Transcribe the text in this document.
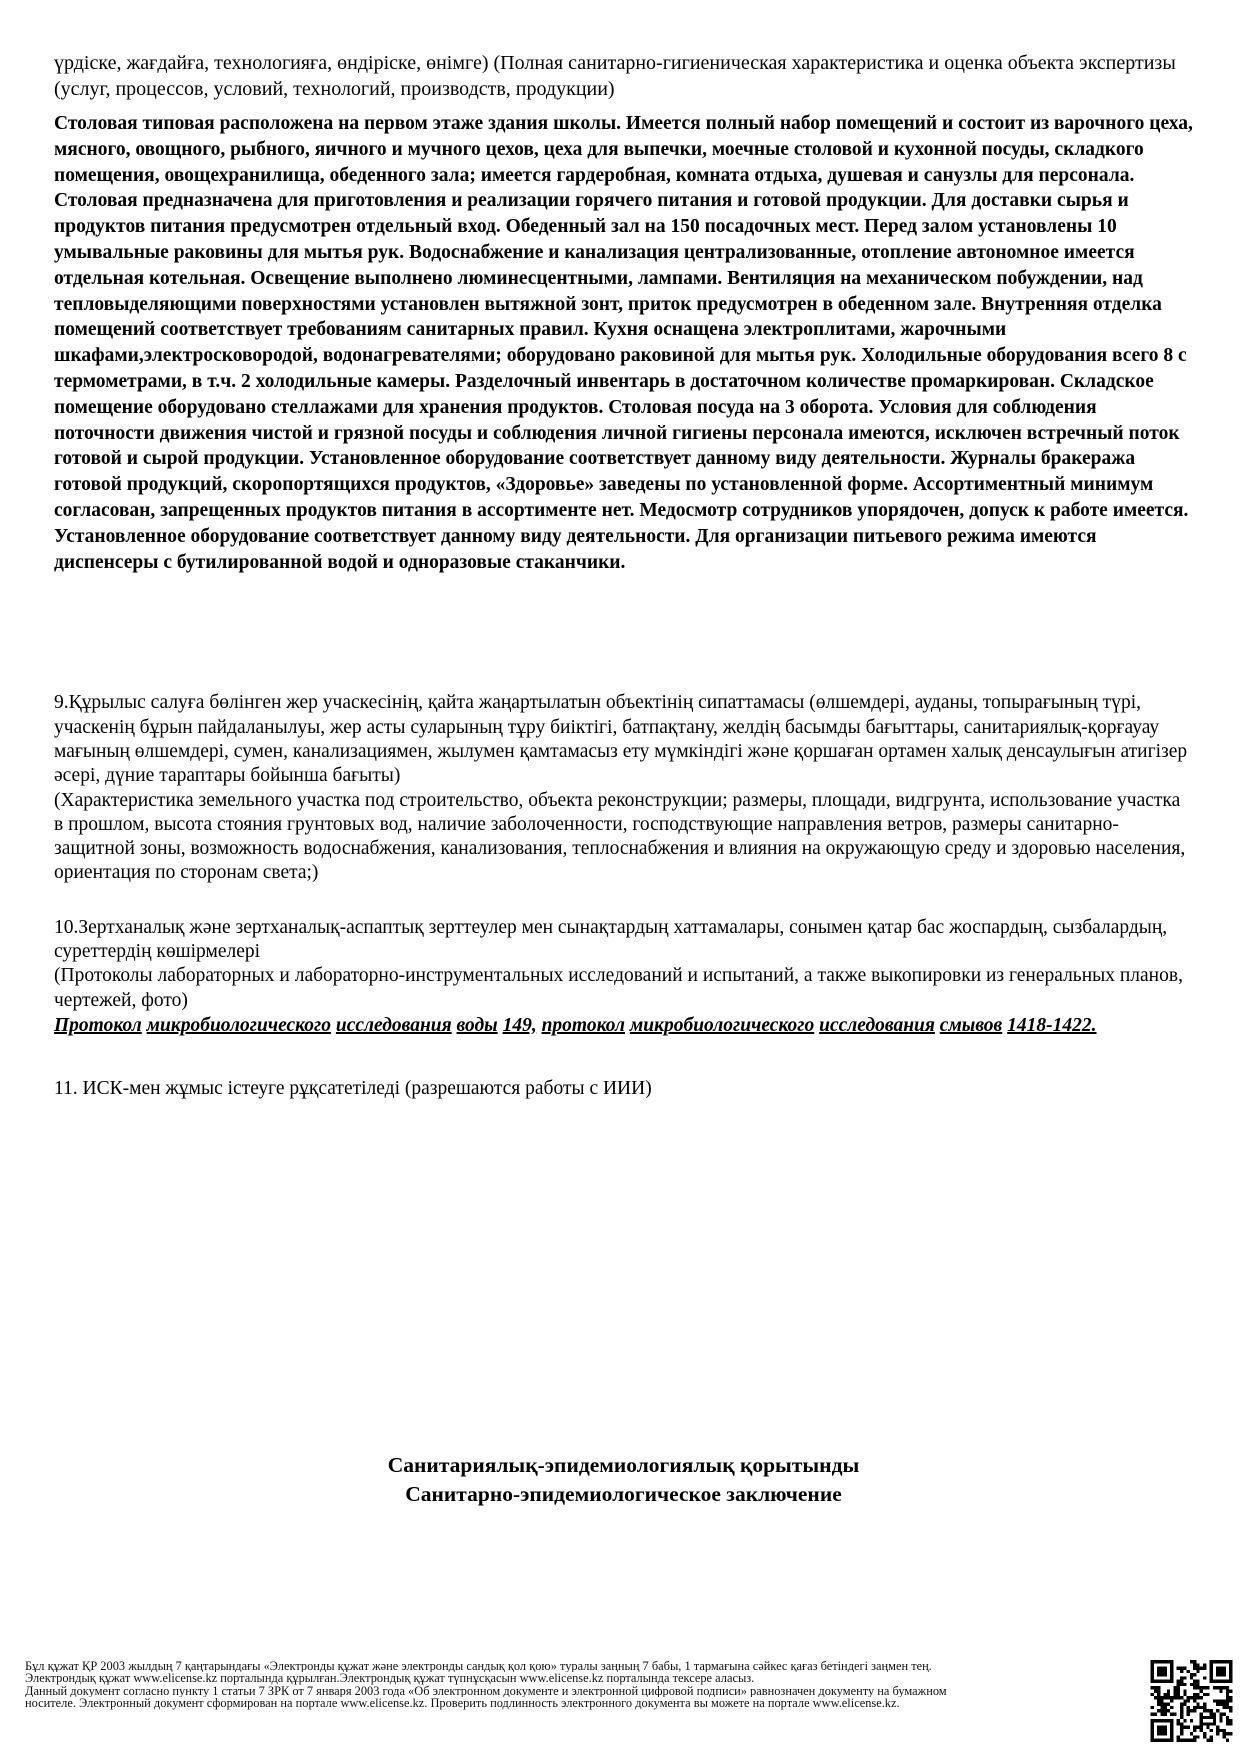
үрдіске, жағдайға, технологияға, өндіріске, өнімге) (Полная санитарно-гигиеническая характеристика и оценка объекта экспертизы (услуг, процессов, условий, технологий, производств, продукции)

Столовая типовая расположена на первом этаже здания школы. Имеется полный набор помещений и состоит из варочного цеха, мясного, овощного, рыбного, яичного и мучного цехов, цеха для выпечки, моечные столовой и кухонной посуды, складкого помещения, овощехранилища, обеденного зала; имеется гардеробная, комната отдыха, душевая и санузлы для персонала. Столовая предназначена для приготовления и реализации горячего питания и готовой продукции. Для доставки сырья и продуктов питания предусмотрен отдельный вход. Обеденный зал на 150 посадочных мест. Перед залом установлены 10 умывальные раковины для мытья рук. Водоснабжение и канализация централизованные, отопление автономное имеется отдельная котельная. Освещение выполнено люминесцентными, лампами. Вентиляция на механическом побуждении, над тепловыделяющими поверхностями установлен вытяжной зонт, приток предусмотрен в обеденном зале. Внутренняя отделка помещений соответствует требованиям санитарных правил. Кухня оснащена электроплитами, жарочными шкафами,электросковородой, водонагревателями; оборудовано раковиной для мытья рук. Холодильные оборудования всего 8 с термометрами, в т.ч. 2 холодильные камеры. Разделочный инвентарь в достаточном количестве промаркирован. Складское помещение оборудовано стеллажами для хранения продуктов. Столовая посуда на 3 оборота. Условия для соблюдения поточности движения чистой и грязной посуды и соблюдения личной гигиены персонала имеются, исключен встречный поток готовой и сырой продукции. Установленное оборудование соответствует данному виду деятельности. Журналы бракеража готовой продукций, скоропортящихся продуктов, «Здоровье» заведены по установленной форме. Ассортиментный минимум согласован, запрещенных продуктов питания в ассортименте нет. Медосмотр сотрудников упорядочен, допуск к работе имеется. Установленное оборудование соответствует данному виду деятельности. Для организации питьевого режима имеются диспенсеры с бутилированной водой и одноразовые стаканчики.

9.Құрылыс салуға бөлінген жер учаскесінің, қайта жаңартылатын объектінің сипаттамасы (өлшемдері, ауданы, топырағының түрі, учаскенің бұрын пайдаланылуы, жер асты суларының тұру биіктігі, батпақтану, желдің басымды бағыттары, санитариялық-қорғауау мағының өлшемдері, сумен, канализациямен, жылумен қамтамасыз ету мүмкіндігі және қоршаған ортамен халық денсаулығын атигізер әсері, дүние тараптары бойынша бағыты)
(Характеристика земельного участка под строительство, объекта реконструкции; размеры, площади, видгрунта, использование участка в прошлом, высота стояния грунтовых вод, наличие заболоченности, господствующие направления ветров, размеры санитарно-защитной зоны, возможность водоснабжения, канализования, теплоснабжения и влияния на окружающую среду и здоровью населения, ориентация по сторонам света;)
10.Зертханалық және зертханалық-аспаптық зерттеулер мен сынақтардың хаттамалары, сонымен қатар бас жоспардың, сызбалардың, суреттердің көшірмелері
(Протоколы лабораторных и лабораторно-инструментальных исследований и испытаний, а также выкопировки из генеральных планов, чертежей, фото)

Протокол микробиологического исследования воды 149, протокол микробиологического исследования смывов 1418-1422.

11. ИСК-мен жұмыс істеуге рұқсатетіледі (разрешаются работы с ИИИ)

Санитариялық-эпидемиологиялық қорытынды
Санитарно-эпидемиологическое заключение
Бұл құжат ҚР 2003 жылдың 7 қаңтарындағы «Электронды құжат және электронды сандық қол қою» туралы заңның 7 бабы, 1 тармағына сәйкес қағаз бетіндегі заңмен тең.
Электрондық құжат www.elicense.kz порталында құрылған.Электрондық құжат түпнұсқасын www.elicense.kz порталында тексере аласыз.
Данный документ согласно пункту 1 статьи 7 ЗРК от 7 января 2003 года «Об электронном документе и электронной цифровой подписи» равнозначен документу на бумажном
носителе. Электронный документ сформирован на портале www.elicense.kz. Проверить подлинность электронного документа вы можете на портале www.elicense.kz.
